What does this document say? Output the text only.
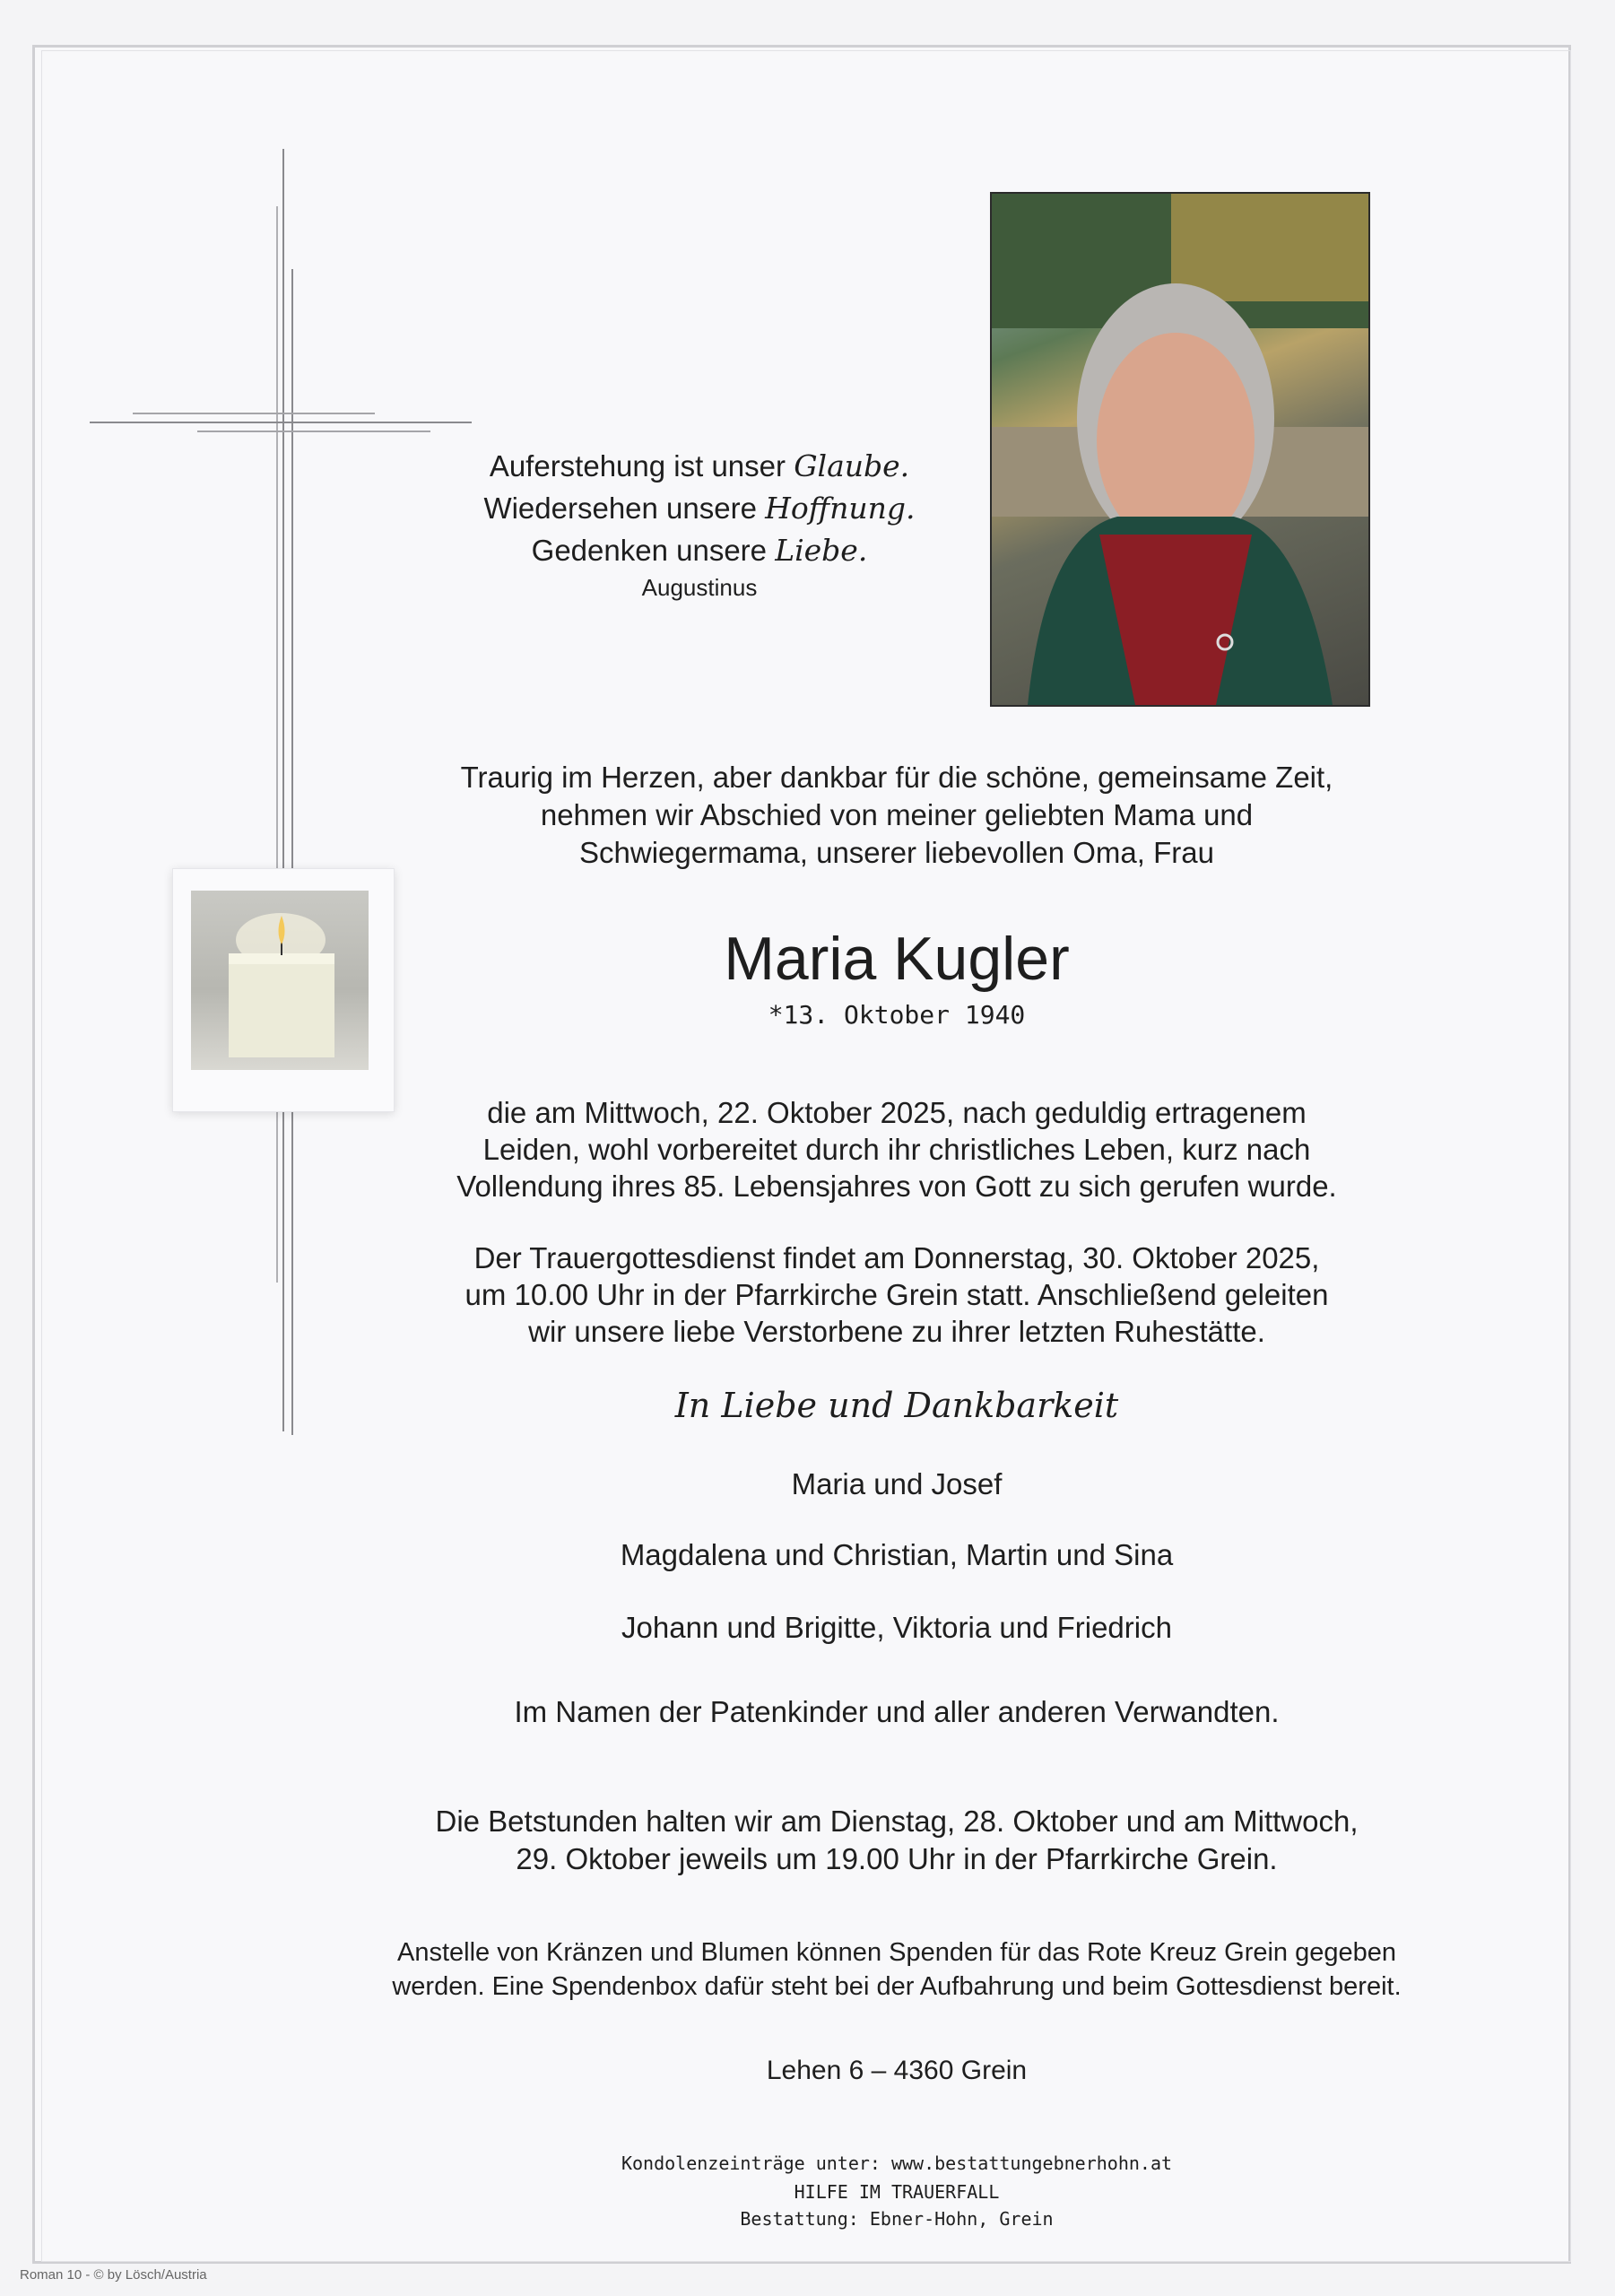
Auferstehung ist unser Glaube.
Wiedersehen unsere Hoffnung.
Gedenken unsere Liebe.
Augustinus
Traurig im Herzen, aber dankbar für die schöne, gemeinsame Zeit,
nehmen wir Abschied von meiner geliebten Mama und
Schwiegermama, unserer liebevollen Oma, Frau
Maria Kugler
*13. Oktober 1940
die am Mittwoch, 22. Oktober 2025, nach geduldig ertragenem
Leiden, wohl vorbereitet durch ihr christliches Leben, kurz nach
Vollendung ihres 85. Lebensjahres von Gott zu sich gerufen wurde.
Der Trauergottesdienst findet am Donnerstag, 30. Oktober 2025,
um 10.00 Uhr in der Pfarrkirche Grein statt. Anschließend geleiten
wir unsere liebe Verstorbene zu ihrer letzten Ruhestätte.
In Liebe und Dankbarkeit
Maria und Josef
Magdalena und Christian, Martin und Sina
Johann und Brigitte, Viktoria und Friedrich
Im Namen der Patenkinder und aller anderen Verwandten.
Die Betstunden halten wir am Dienstag, 28. Oktober und am Mittwoch,
29. Oktober jeweils um 19.00 Uhr in der Pfarrkirche Grein.
Anstelle von Kränzen und Blumen können Spenden für das Rote Kreuz Grein gegeben
werden. Eine Spendenbox dafür steht bei der Aufbahrung und beim Gottesdienst bereit.
Lehen 6 – 4360 Grein
Kondolenzeinträge unter: www.bestattungebnerhohn.at
HILFE IM TRAUERFALL
Bestattung: Ebner-Hohn, Grein
Roman 10 - © by Lösch/Austria
